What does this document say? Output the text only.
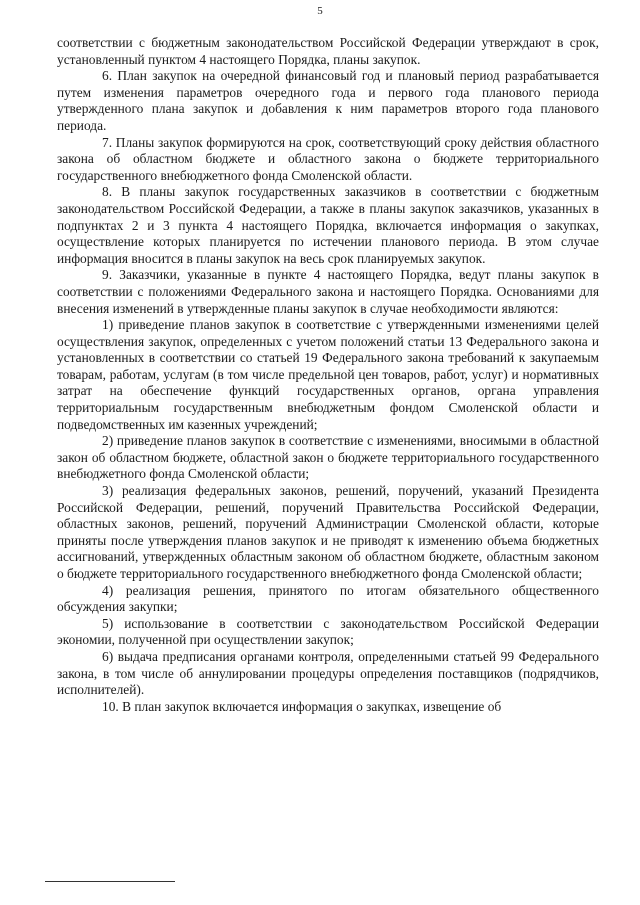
5

соответствии с бюджетным законодательством Российской Федерации утверждают в срок, установленный пунктом 4 настоящего Порядка, планы закупок.

6. План закупок на очередной финансовый год и плановый период разрабатывается путем изменения параметров очередного года и первого года планового периода утвержденного плана закупок и добавления к ним параметров второго года планового периода.

7. Планы закупок формируются на срок, соответствующий сроку действия областного закона об областном бюджете и областного закона о бюджете территориального государственного внебюджетного фонда Смоленской области.

8. В планы закупок государственных заказчиков в соответствии с бюджетным законодательством Российской Федерации, а также в планы закупок заказчиков, указанных в подпунктах 2 и 3 пункта 4 настоящего Порядка, включается информация о закупках, осуществление которых планируется по истечении планового периода. В этом случае информация вносится в планы закупок на весь срок планируемых закупок.

9. Заказчики, указанные в пункте 4 настоящего Порядка, ведут планы закупок в соответствии с положениями Федерального закона и настоящего Порядка. Основаниями для внесения изменений в утвержденные планы закупок в случае необходимости являются:

1) приведение планов закупок в соответствие с утвержденными изменениями целей осуществления закупок, определенных с учетом положений статьи 13 Федерального закона и установленных в соответствии со статьей 19 Федерального закона требований к закупаемым товарам, работам, услугам (в том числе предельной цен товаров, работ, услуг) и нормативных затрат на обеспечение функций государственных органов, органа управления территориальным государственным внебюджетным фондом Смоленской области и подведомственных им казенных учреждений;

2) приведение планов закупок в соответствие с изменениями, вносимыми в областной закон об областном бюджете, областной закон о бюджете территориального государственного внебюджетного фонда Смоленской области;

3) реализация федеральных законов, решений, поручений, указаний Президента Российской Федерации, решений, поручений Правительства Российской Федерации, областных законов, решений, поручений Администрации Смоленской области, которые приняты после утверждения планов закупок и не приводят к изменению объема бюджетных ассигнований, утвержденных областным законом об областном бюджете, областным законом о бюджете территориального государственного внебюджетного фонда Смоленской области;

4) реализация решения, принятого по итогам обязательного общественного обсуждения закупки;

5) использование в соответствии с законодательством Российской Федерации экономии, полученной при осуществлении закупок;

6) выдача предписания органами контроля, определенными статьей 99 Федерального закона, в том числе об аннулировании процедуры определения поставщиков (подрядчиков, исполнителей).

10. В план закупок включается информация о закупках, извещение об
